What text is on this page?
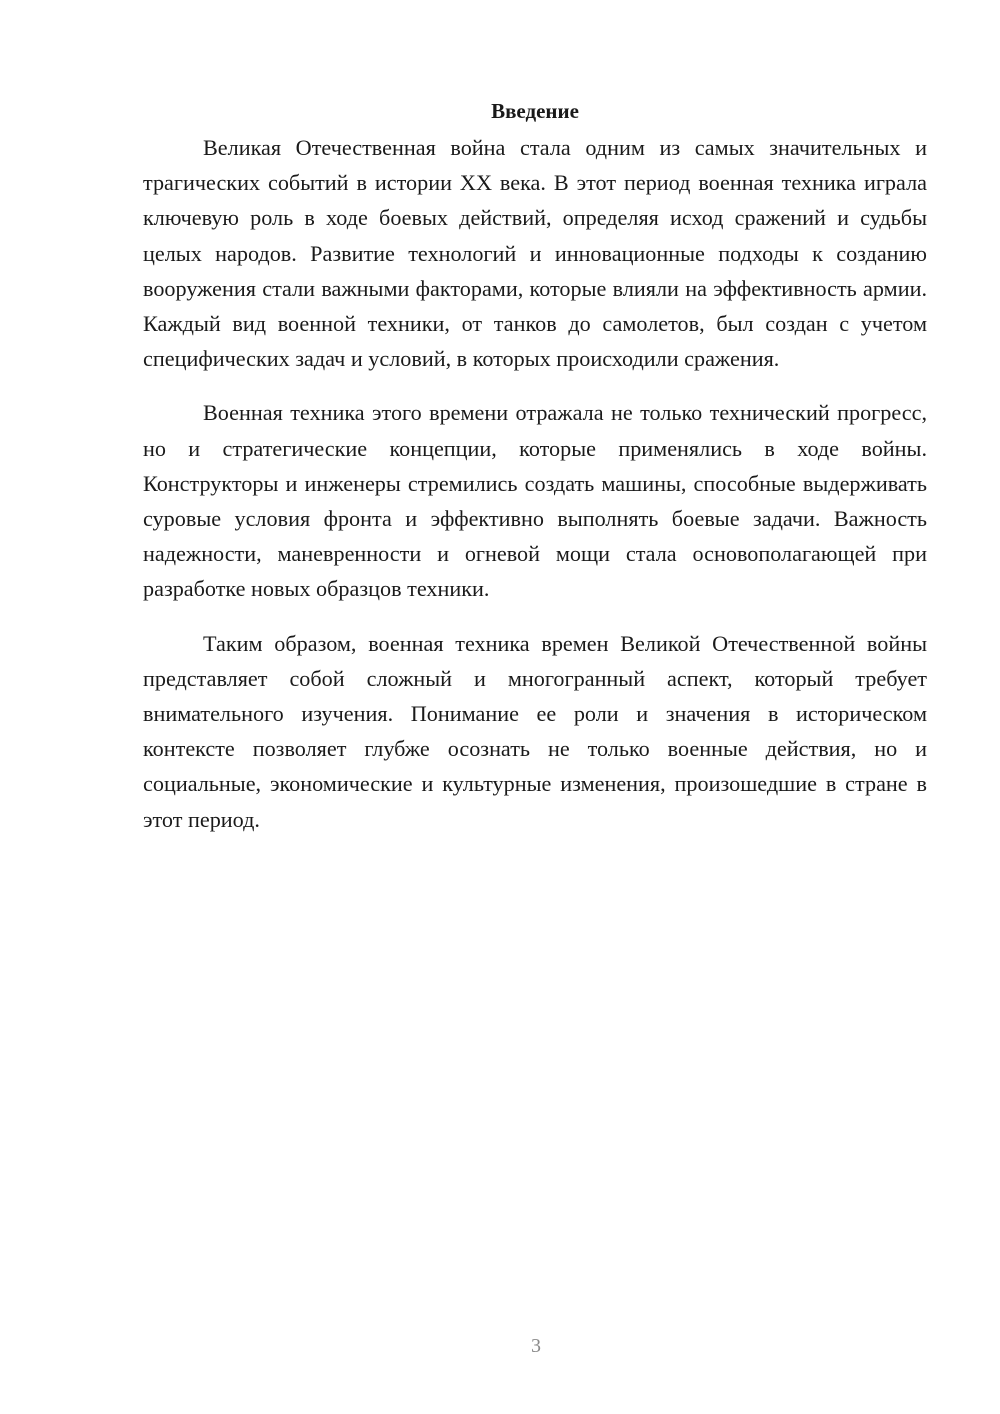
Введение

Великая Отечественная война стала одним из самых значительных и трагических событий в истории XX века. В этот период военная техника играла ключевую роль в ходе боевых действий, определяя исход сражений и судьбы целых народов. Развитие технологий и инновационные подходы к созданию вооружения стали важными факторами, которые влияли на эффективность армии. Каждый вид военной техники, от танков до самолетов, был создан с учетом специфических задач и условий, в которых происходили сражения.

Военная техника этого времени отражала не только технический прогресс, но и стратегические концепции, которые применялись в ходе войны. Конструкторы и инженеры стремились создать машины, способные выдерживать суровые условия фронта и эффективно выполнять боевые задачи. Важность надежности, маневренности и огневой мощи стала основополагающей при разработке новых образцов техники.

Таким образом, военная техника времен Великой Отечественной войны представляет собой сложный и многогранный аспект, который требует внимательного изучения. Понимание ее роли и значения в историческом контексте позволяет глубже осознать не только военные действия, но и социальные, экономические и культурные изменения, произошедшие в стране в этот период.

3
